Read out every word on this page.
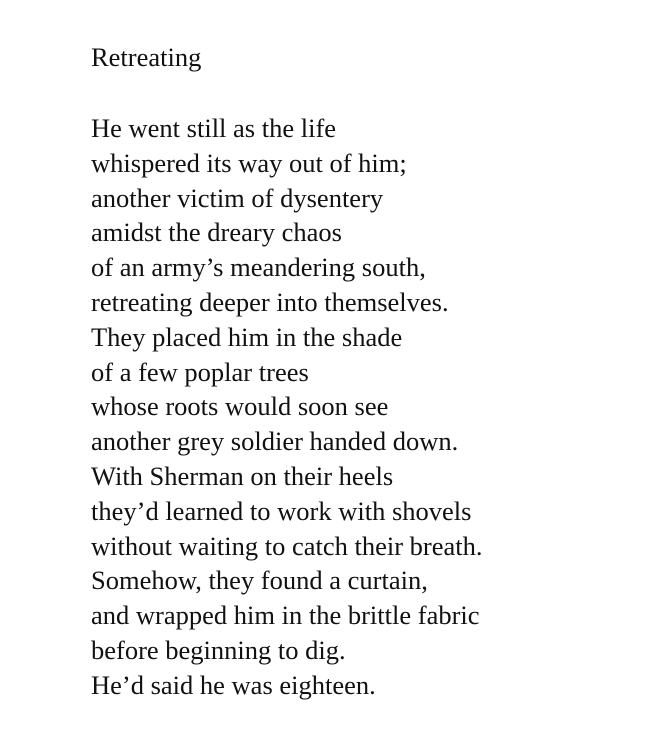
Retreating
He went still as the life
whispered its way out of him;
another victim of dysentery
amidst the dreary chaos
of an army’s meandering south,
retreating deeper into themselves.
They placed him in the shade
of a few poplar trees
whose roots would soon see
another grey soldier handed down.
With Sherman on their heels
they’d learned to work with shovels
without waiting to catch their breath.
Somehow, they found a curtain,
and wrapped him in the brittle fabric
before beginning to dig.
He’d said he was eighteen.
